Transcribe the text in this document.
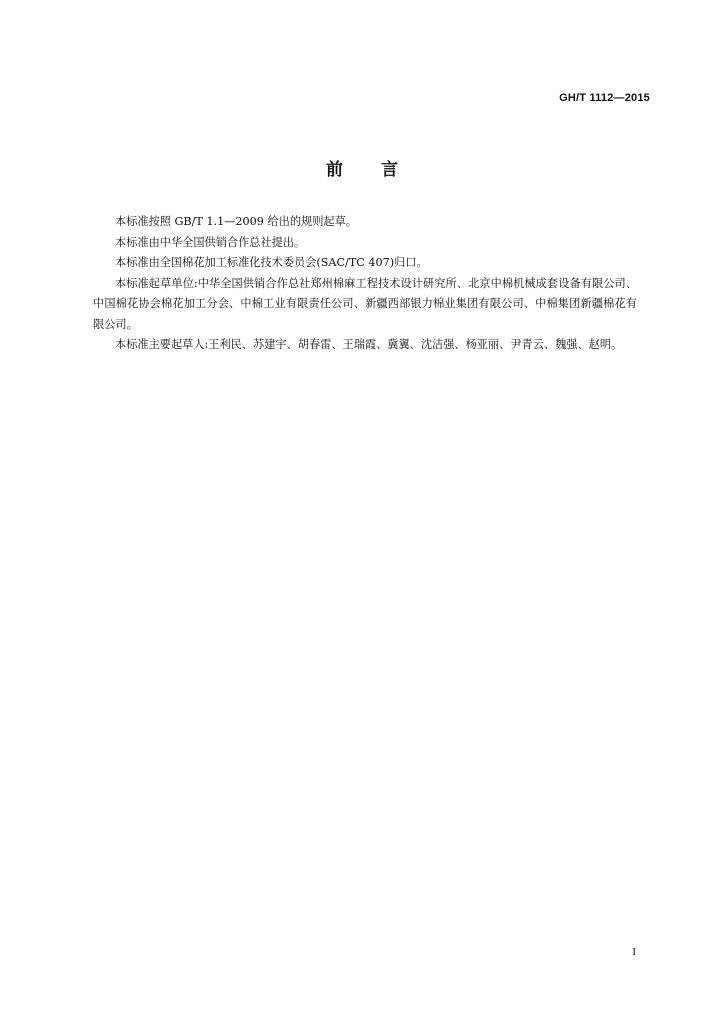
GH/T 1112—2015
前言

本标准按照 GB/T 1.1—2009 给出的规则起草。

本标准由中华全国供销合作总社提出。

本标准由全国棉花加工标准化技术委员会(SAC/TC 407)归口。

本标准起草单位:中华全国供销合作总社郑州棉麻工程技术设计研究所、北京中棉机械成套设备有限公司、中国棉花协会棉花加工分会、中棉工业有限责任公司、新疆西部银力棉业集团有限公司、中棉集团新疆棉花有限公司。

本标准主要起草人:王利民、苏建宇、胡春雷、王瑞霞、冀翼、沈洁强、杨亚丽、尹青云、魏强、赵明。

I
